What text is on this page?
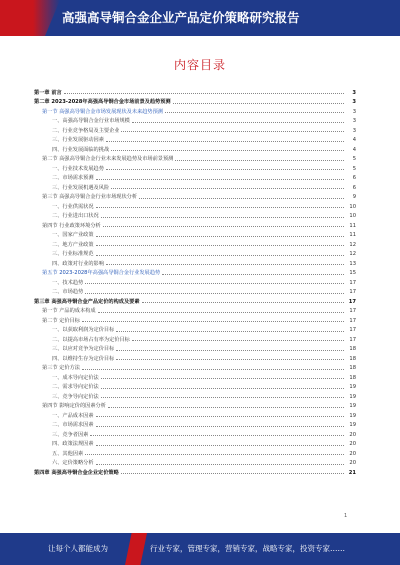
高强高导铜合金企业产品定价策略研究报告
内容目录
第一章 前言	3
第二章 2023-2028年高强高导铜合金市场前景及趋势预测	3
第一节 高强高导铜合金市场发展现状及未来趋势预测	3
一、高强高导铜合金行业市场规模	3
二、行业竞争格局及主要企业	3
三、行业发展驱动因素	4
四、行业发展面临的挑战	4
第二节 高强高导铜合金行业未来发展趋势及市场前景预测	5
一、行业技术发展趋势	5
二、市场需求预测	6
三、行业发展机遇及风险	6
第三节 高强高导铜合金行业市场现状分析	9
一、行业供需状况	10
二、行业进出口状况	10
第四节 行业政策环境分析	11
一、国家产业政策	11
二、地方产业政策	12
三、行业标准规范	12
四、政策对行业的影响	13
第五节 2023-2028年高强高导铜合金行业发展趋势	15
一、技术趋势	17
二、市场趋势	17
第三章 高强高导铜合金产品定价的构成及要素	17
第一节 产品的成本构成	17
第二节 定价目标	17
一、以获取利润为定价目标	17
二、以提高市场占有率为定价目标	17
三、以应对竞争为定价目标	18
四、以维持生存为定价目标	18
第三节 定价方法	18
一、成本导向定价法	18
二、需求导向定价法	19
三、竞争导向定价法	19
第四节 影响定价的因素分析	19
一、产品成本因素	19
二、市场需求因素	19
三、竞争者因素	20
四、政策法规因素	20
五、其他因素	20
六、定价策略分析	20
第四章 高强高导铜合金企业定价策略	21
1
让每个人都能成为	行业专家，管理专家，营销专家，战略专家，投资专家……
